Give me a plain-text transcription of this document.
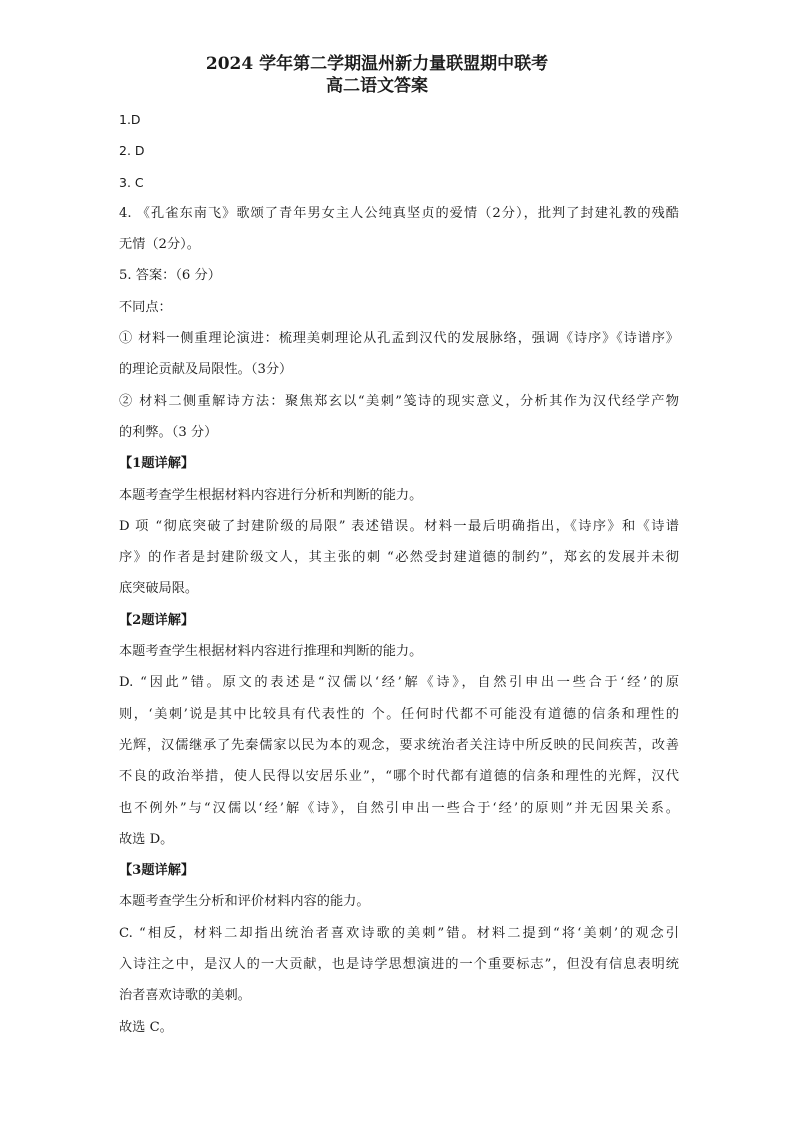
2024 学年第二学期温州新力量联盟期中联考
高二语文答案

1.D

2. D

3. C

4. 《孔雀东南飞》歌颂了青年男女主人公纯真坚贞的爱情（2分），批判了封建礼教的残酷

无情（2分）。

5. 答案：（6 分）

不同点：

① 材料一侧重理论演进：梳理美刺理论从孔孟到汉代的发展脉络，强调《诗序》《诗谱序》

的理论贡献及局限性。（3分）

② 材料二侧重解诗方法：聚焦郑玄以“美刺”笺诗的现实意义，分析其作为汉代经学产物

的利弊。（3 分）

【1题详解】

本题考查学生根据材料内容进行分析和判断的能力。

D 项 “彻底突破了封建阶级的局限” 表述错误。材料一最后明确指出，《诗序》和《诗谱

序》的作者是封建阶级文人，其主张的刺 “必然受封建道德的制约”，郑玄的发展并未彻

底突破局限。

【2题详解】

本题考查学生根据材料内容进行推理和判断的能力。

D. “因此”错。原文的表述是“汉儒以‘经’解《诗》，自然引申出一些合于‘经’的原

则，‘美刺’说是其中比较具有代表性的 个。任何时代都不可能没有道德的信条和理性的

光辉，汉儒继承了先秦儒家以民为本的观念，要求统治者关注诗中所反映的民间疾苦，改善

不良的政治举措，使人民得以安居乐业”，“哪个时代都有道德的信条和理性的光辉，汉代

也不例外”与“汉儒以‘经’解《诗》，自然引申出一些合于‘经’的原则”并无因果关系。

故选 D。

【3题详解】

本题考查学生分析和评价材料内容的能力。

C. “相反，材料二却指出统治者喜欢诗歌的美刺”错。材料二提到“将‘美刺’的观念引

入诗注之中，是汉人的一大贡献，也是诗学思想演进的一个重要标志”，但没有信息表明统

治者喜欢诗歌的美刺。

故选 C。
